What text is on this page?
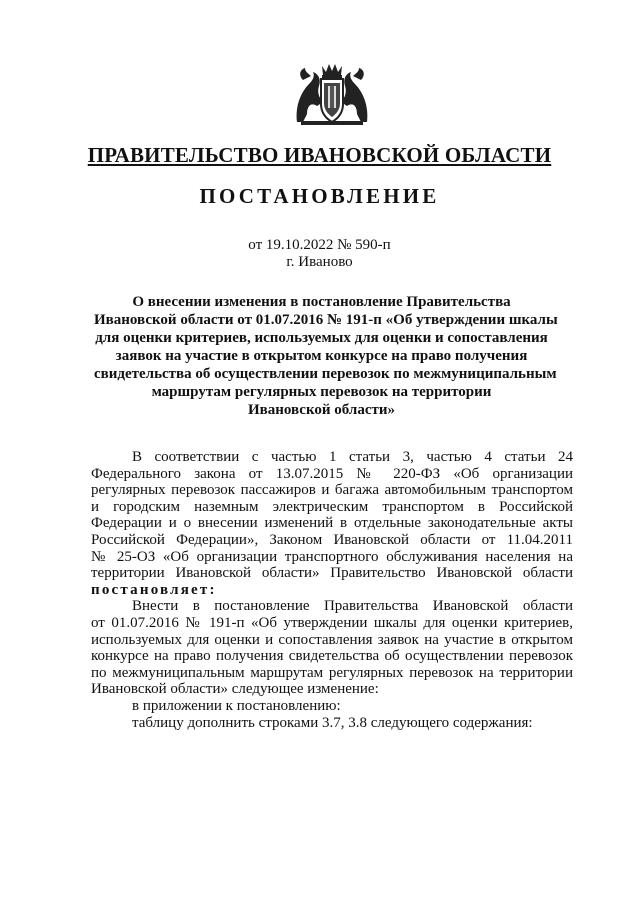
ПРАВИТЕЛЬСТВО ИВАНОВСКОЙ ОБЛАСТИ
ПОСТАНОВЛЕНИЕ
от 19.10.2022 № 590-п
г. Иваново
О внесении изменения в постановление Правительства
Ивановской области от 01.07.2016 № 191-п «Об утверждении шкалы
для оценки критериев, используемых для оценки и сопоставления
заявок на участие в открытом конкурсе на право получения
свидетельства об осуществлении перевозок по межмуниципальным
маршрутам регулярных перевозок на территории
Ивановской области»
В соответствии с частью 1 статьи 3, частью 4 статьи 24
Федерального закона от 13.07.2015 № 220-ФЗ «Об организации
регулярных перевозок пассажиров и багажа автомобильным транспортом
и городским наземным электрическим транспортом в Российской
Федерации и о внесении изменений в отдельные законодательные акты
Российской Федерации», Законом Ивановской области от 11.04.2011
№ 25-ОЗ «Об организации транспортного обслуживания населения на
территории Ивановской области» Правительство Ивановской области
постановляет:
Внести в постановление Правительства Ивановской области
от 01.07.2016 № 191-п «Об утверждении шкалы для оценки критериев,
используемых для оценки и сопоставления заявок на участие в открытом
конкурсе на право получения свидетельства об осуществлении перевозок
по межмуниципальным маршрутам регулярных перевозок на территории
Ивановской области» следующее изменение:
в приложении к постановлению:
таблицу дополнить строками 3.7, 3.8 следующего содержания:
